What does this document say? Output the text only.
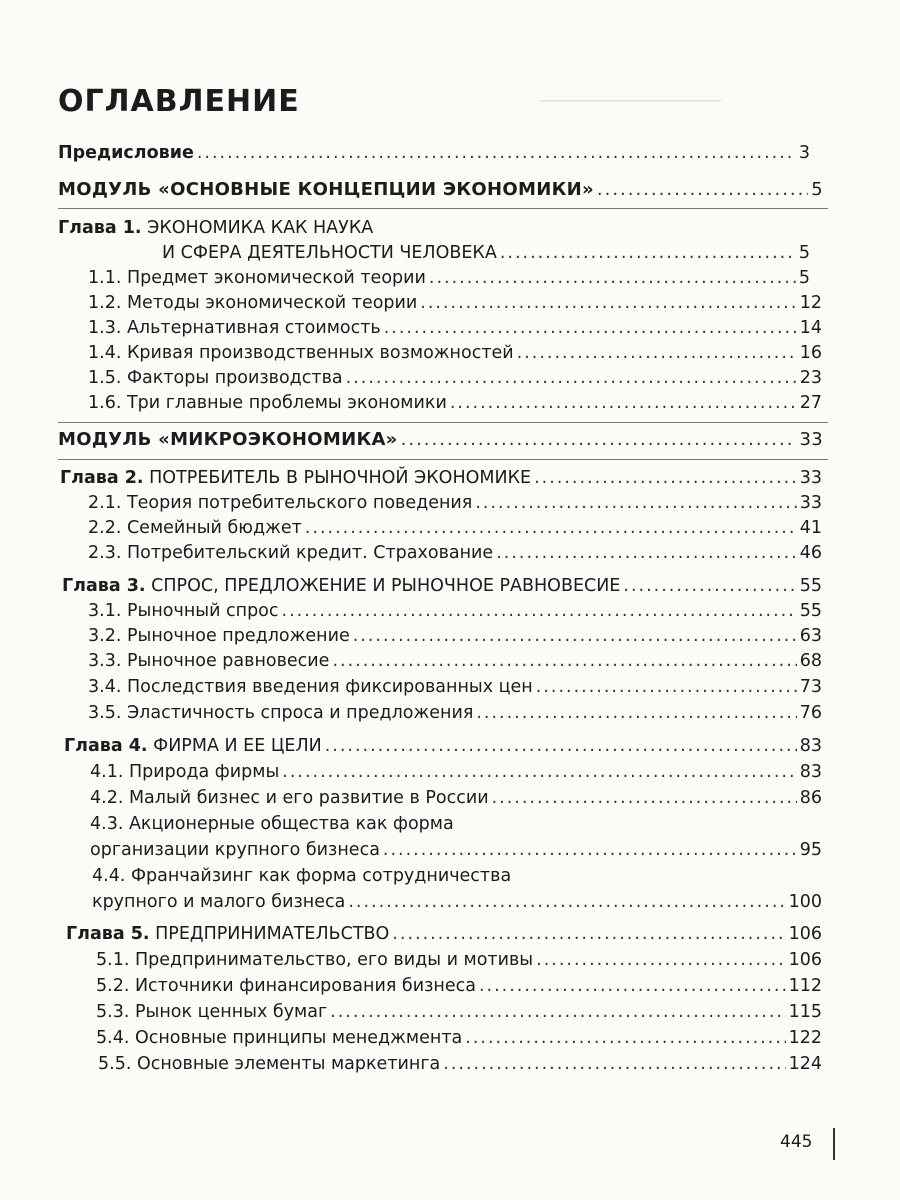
────────────────────
ОГЛАВЛЕНИЕ
Предисловие .....	3
МОДУЛЬ «ОСНОВНЫЕ КОНЦЕПЦИИ ЭКОНОМИКИ» .....	5
Глава 1. ЭКОНОМИКА КАК НАУКА
И СФЕРА ДЕЯТЕЛЬНОСТИ ЧЕЛОВЕКА .....	5
1.1. Предмет экономической теории .....	5
1.2. Методы экономической теории .....	12
1.3. Альтернативная стоимость .....	14
1.4. Кривая производственных возможностей .....	16
1.5. Факторы производства .....	23
1.6. Три главные проблемы экономики .....	27
МОДУЛЬ «МИКРОЭКОНОМИКА» .....	33
Глава 2. ПОТРЕБИТЕЛЬ В РЫНОЧНОЙ ЭКОНОМИКЕ .....	33
2.1. Теория потребительского поведения .....	33
2.2. Семейный бюджет .....	41
2.3. Потребительский кредит. Страхование .....	46
Глава 3. СПРОС, ПРЕДЛОЖЕНИЕ И РЫНОЧНОЕ РАВНОВЕСИЕ .....	55
3.1. Рыночный спрос .....	55
3.2. Рыночное предложение .....	63
3.3. Рыночное равновесие .....	68
3.4. Последствия введения фиксированных цен .....	73
3.5. Эластичность спроса и предложения .....	76
Глава 4. ФИРМА И ЕЕ ЦЕЛИ .....	83
4.1. Природа фирмы .....	83
4.2. Малый бизнес и его развитие в России .....	86
4.3. Акционерные общества как форма
организации крупного бизнеса .....	95
4.4. Франчайзинг как форма сотрудничества
крупного и малого бизнеса .....	100
Глава 5. ПРЕДПРИНИМАТЕЛЬСТВО .....	106
5.1. Предпринимательство, его виды и мотивы .....	106
5.2. Источники финансирования бизнеса .....	112
5.3. Рынок ценных бумаг .....	115
5.4. Основные принципы менеджмента .....	122
5.5. Основные элементы маркетинга .....	124
445
